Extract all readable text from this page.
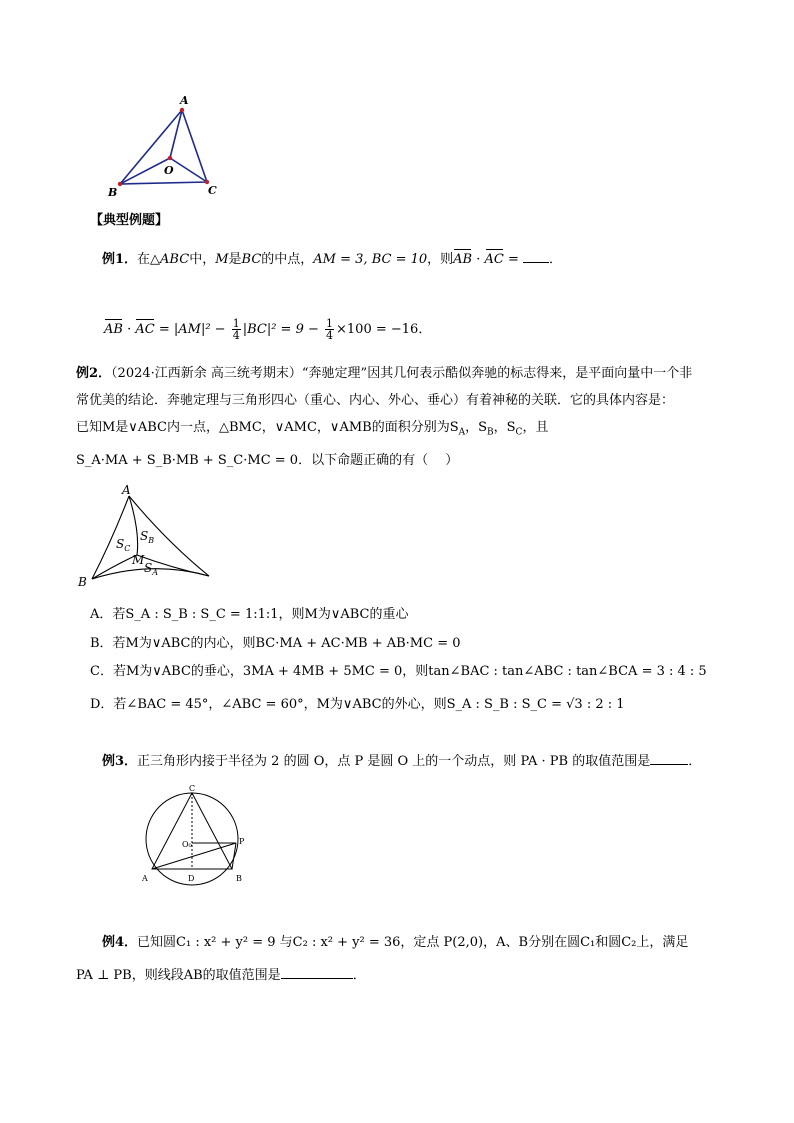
A
B	C
O
【典型例题】
例1．在△ABC中，M是BC的中点，AM = 3, BC = 10，则AB · AC = ．
AB · AC = $|AM|^2 - \frac{1}{4} |BC|^2 = 9 - \frac{1}{4} \times 100 = -16$．
例2．（2024·江西新余 高三统考期末）“奔驰定理”因其几何表示酷似奔驰的标志得来，是平面向量中一个非
常优美的结论．奔驰定理与三角形四心（重心、内心、外心、垂心）有着神秘的关联．它的具体内容是：
已知M是∨ABC内一点，△BMC，∨AMC，∨AMB的面积分别为$S_A$，$S_B$，$S_C$，且
S_A·MA + S_B·MB + S_C·MC = 0．以下命题正确的有（　 ）
A
B
M
$S_C$
$S_B$
$S_A$
A．若S_A : S_B : S_C = 1:1:1，则M为∨ABC的重心
B．若M为∨ABC的内心，则BC·MA + AC·MB + AB·MC = 0
C．若M为∨ABC的垂心，3MA + 4MB + 5MC = 0，则tan∠BAC : tan∠ABC : tan∠BCA = 3 : 4 : 5
D．若∠BAC = 45°，∠ABC = 60°，M为∨ABC的外心，则S_A : S_B : S_C = √3 : 2 : 1
例3．正三角形内接于半径为 2 的圆 O，点 P 是圆 O 上的一个动点，则 PA · PB 的取值范围是	．
C
O₀	P
A	D	B
例4．已知圆C₁ : x² + y² = 9 与C₂ : x² + y² = 36，定点 P(2,0)，A、B分别在圆C₁和圆C₂上，满足
PA ⊥ PB，则线段AB的取值范围是	．
